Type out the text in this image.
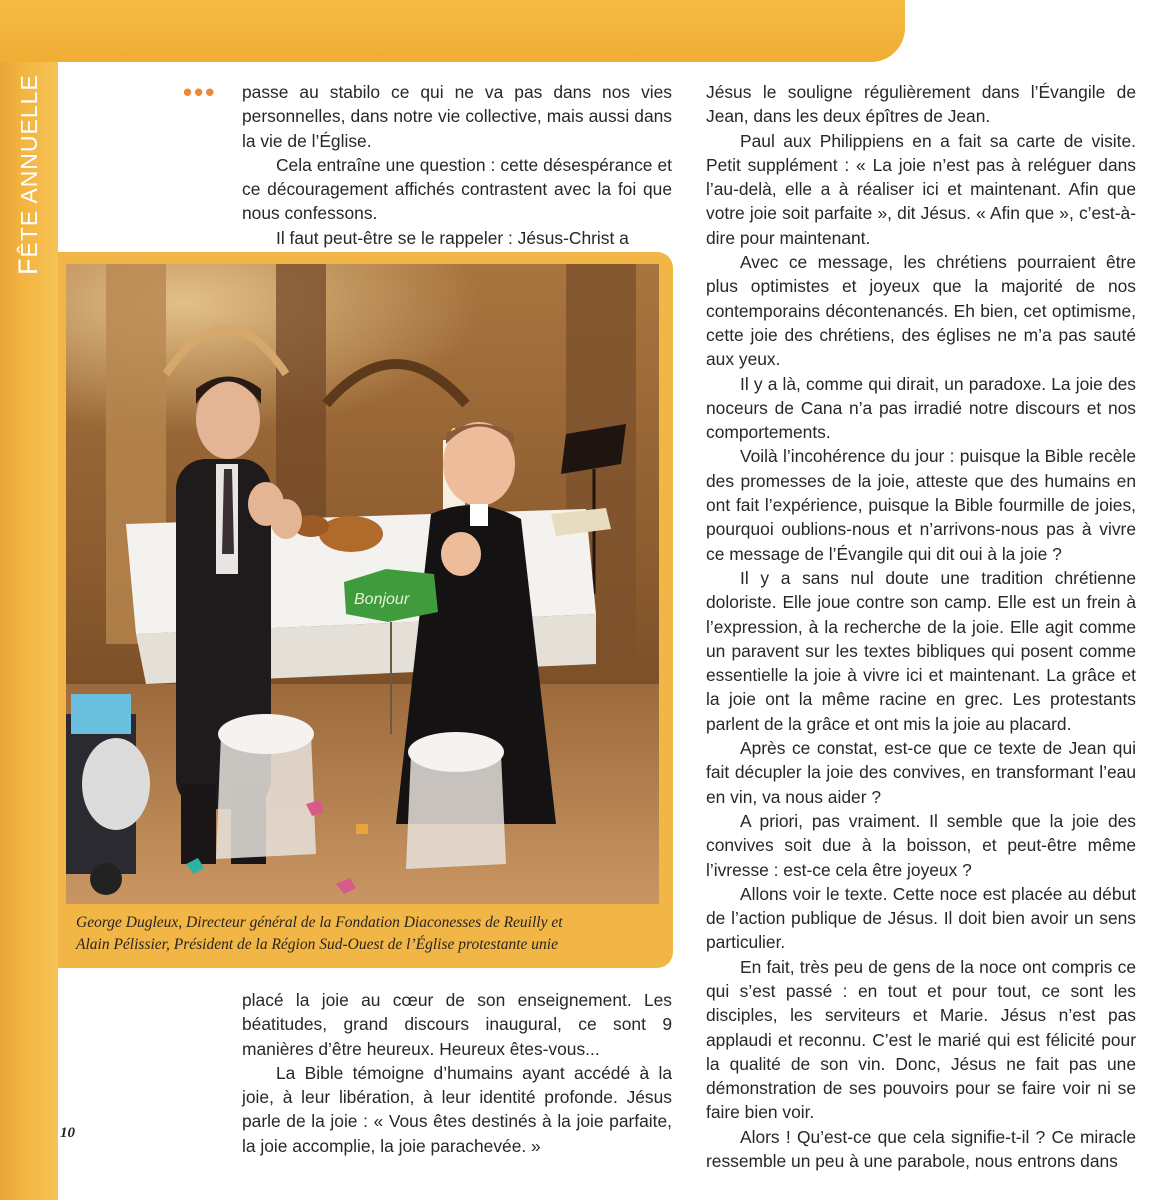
FÊTE ANNUELLE	••• passe au stabilo ce qui ne va pas dans nos vies personnelles, dans notre vie collective, mais aussi dans la vie de l’Église.

Cela entraîne une question : cette désespérance et ce découragement affichés contrastent avec la foi que nous confessons.

Il faut peut-être se le rappeler : Jésus-Christ a

Bonjour
George Dugleux, Directeur général de la Fondation Diaconesses de Reuilly et
Alain Pélissier, Président de la Région Sud-Ouest de l’Église protestante unie

placé la joie au cœur de son enseignement. Les béatitudes, grand discours inaugural, ce sont 9 manières d’être heureux. Heureux êtes-vous...

La Bible témoigne d’humains ayant accédé à la joie, à leur libération, à leur identité profonde. Jésus parle de la joie : « Vous êtes destinés à la joie parfaite, la joie accomplie, la joie parachevée. »

Jésus le souligne régulièrement dans l’Évangile de Jean, dans les deux épîtres de Jean.

Paul aux Philippiens en a fait sa carte de visite. Petit supplément : « La joie n’est pas à reléguer dans l’au-delà, elle a à réaliser ici et maintenant. Afin que votre joie soit parfaite », dit Jésus. « Afin que », c’est-à-dire pour maintenant.

Avec ce message, les chrétiens pourraient être plus optimistes et joyeux que la majorité de nos contemporains décontenancés. Eh bien, cet optimisme, cette joie des chrétiens, des églises ne m’a pas sauté aux yeux.

Il y a là, comme qui dirait, un paradoxe. La joie des noceurs de Cana n’a pas irradié notre discours et nos comportements.

Voilà l’incohérence du jour : puisque la Bible recèle des promesses de la joie, atteste que des humains en ont fait l’expérience, puisque la Bible fourmille de joies, pourquoi oublions-nous et n’arrivons-nous pas à vivre ce message de l’Évangile qui dit oui à la joie ?

Il y a sans nul doute une tradition chrétienne doloriste. Elle joue contre son camp. Elle est un frein à l’expression, à la recherche de la joie. Elle agit comme un paravent sur les textes bibliques qui posent comme essentielle la joie à vivre ici et maintenant. La grâce et la joie ont la même racine en grec. Les protestants parlent de la grâce et ont mis la joie au placard.

Après ce constat, est-ce que ce texte de Jean qui fait décupler la joie des convives, en transformant l’eau en vin, va nous aider ?

A priori, pas vraiment. Il semble que la joie des convives soit due à la boisson, et peut-être même l’ivresse : est-ce cela être joyeux ?

Allons voir le texte. Cette noce est placée au début de l’action publique de Jésus. Il doit bien avoir un sens particulier.

En fait, très peu de gens de la noce ont compris ce qui s’est passé : en tout et pour tout, ce sont les disciples, les serviteurs et Marie. Jésus n’est pas applaudi et reconnu. C’est le marié qui est félicité pour la qualité de son vin. Donc, Jésus ne fait pas une démonstration de ses pouvoirs pour se faire voir ni se faire bien voir.

Alors ! Qu’est-ce que cela signifie-t-il ? Ce miracle ressemble un peu à une parabole, nous entrons dans

10
